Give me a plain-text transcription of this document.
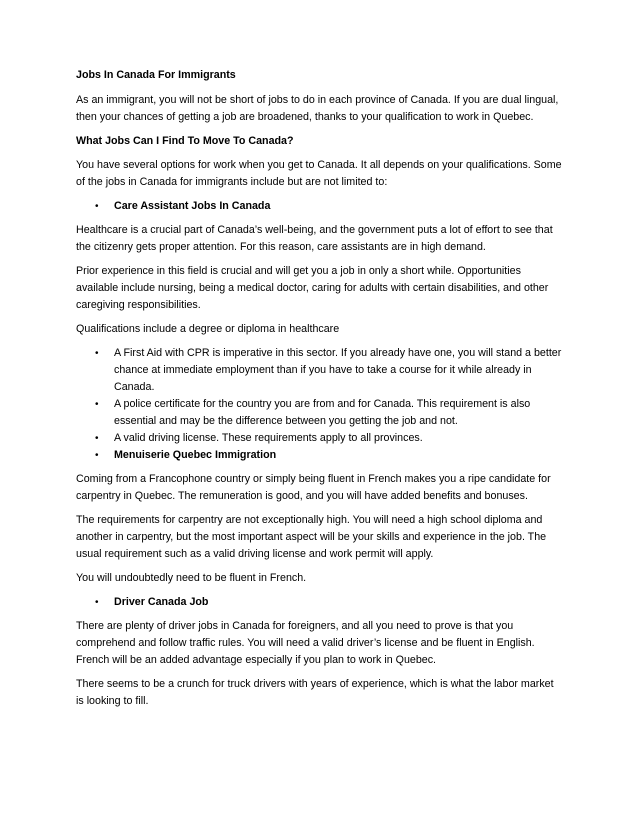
Jobs In Canada For Immigrants

As an immigrant, you will not be short of jobs to do in each province of Canada. If you are dual lingual, then your chances of getting a job are broadened, thanks to your qualification to work in Quebec.

What Jobs Can I Find To Move To Canada?

You have several options for work when you get to Canada. It all depends on your qualifications. Some of the jobs in Canada for immigrants include but are not limited to:

• Care Assistant Jobs In Canada

Healthcare is a crucial part of Canada’s well-being, and the government puts a lot of effort to see that the citizenry gets proper attention. For this reason, care assistants are in high demand.

Prior experience in this field is crucial and will get you a job in only a short while. Opportunities available include nursing, being a medical doctor, caring for adults with certain disabilities, and other caregiving responsibilities.

Qualifications include a degree or diploma in healthcare

• A First Aid with CPR is imperative in this sector. If you already have one, you will stand a better chance at immediate employment than if you have to take a course for it while already in Canada.
• A police certificate for the country you are from and for Canada. This requirement is also essential and may be the difference between you getting the job and not.
• A valid driving license. These requirements apply to all provinces.
• Menuiserie Quebec Immigration

Coming from a Francophone country or simply being fluent in French makes you a ripe candidate for carpentry in Quebec. The remuneration is good, and you will have added benefits and bonuses.

The requirements for carpentry are not exceptionally high. You will need a high school diploma and another in carpentry, but the most important aspect will be your skills and experience in the job. The usual requirement such as a valid driving license and work permit will apply.

You will undoubtedly need to be fluent in French.

• Driver Canada Job

There are plenty of driver jobs in Canada for foreigners, and all you need to prove is that you comprehend and follow traffic rules. You will need a valid driver’s license and be fluent in English. French will be an added advantage especially if you plan to work in Quebec.

There seems to be a crunch for truck drivers with years of experience, which is what the labor market is looking to fill.
